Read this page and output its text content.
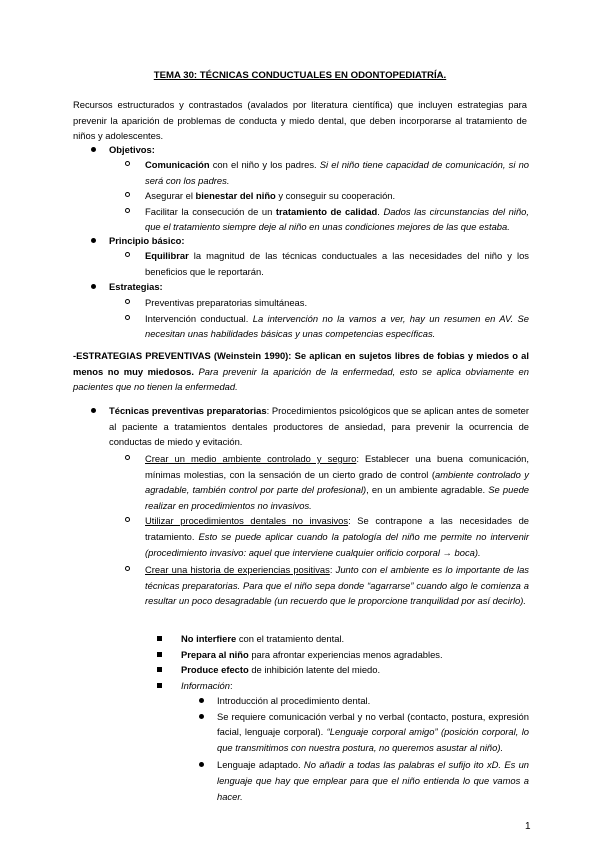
TEMA 30: TÉCNICAS CONDUCTUALES EN ODONTOPEDIATRÍA.
Recursos estructurados y contrastados (avalados por literatura científica) que incluyen estrategias para prevenir la aparición de problemas de conducta y miedo dental, que deben incorporarse al tratamiento de niños y adolescentes.
Objetivos:
Comunicación con el niño y los padres. Si el niño tiene capacidad de comunicación, si no será con los padres.
Asegurar el bienestar del niño y conseguir su cooperación.
Facilitar la consecución de un tratamiento de calidad. Dados las circunstancias del niño, que el tratamiento siempre deje al niño en unas condiciones mejores de las que estaba.
Principio básico:
Equilibrar la magnitud de las técnicas conductuales a las necesidades del niño y los beneficios que le reportarán.
Estrategias:
Preventivas preparatorias simultáneas.
Intervención conductual. La intervención no la vamos a ver, hay un resumen en AV. Se necesitan unas habilidades básicas y unas competencias específicas.
-ESTRATEGIAS PREVENTIVAS (Weinstein 1990): Se aplican en sujetos libres de fobias y miedos o al menos no muy miedosos. Para prevenir la aparición de la enfermedad, esto se aplica obviamente en pacientes que no tienen la enfermedad.
Técnicas preventivas preparatorias: Procedimientos psicológicos que se aplican antes de someter al paciente a tratamientos dentales productores de ansiedad, para prevenir la ocurrencia de conductas de miedo y evitación.
Crear un medio ambiente controlado y seguro: Establecer una buena comunicación, mínimas molestias, con la sensación de un cierto grado de control (ambiente controlado y agradable, también control por parte del profesional), en un ambiente agradable. Se puede realizar en procedimientos no invasivos.
Utilizar procedimientos dentales no invasivos: Se contrapone a las necesidades de tratamiento. Esto se puede aplicar cuando la patología del niño me permite no intervenir (procedimiento invasivo: aquel que interviene cualquier orificio corporal → boca).
Crear una historia de experiencias positivas: Junto con el ambiente es lo importante de las técnicas preparatorias. Para que el niño sepa donde “agarrarse” cuando algo le comienza a resultar un poco desagradable (un recuerdo que le proporcione tranquilidad por así decirlo).
No interfiere con el tratamiento dental.
Prepara al niño para afrontar experiencias menos agradables.
Produce efecto de inhibición latente del miedo.
Información:
Introducción al procedimiento dental.
Se requiere comunicación verbal y no verbal (contacto, postura, expresión facial, lenguaje corporal). “Lenguaje corporal amigo” (posición corporal, lo que transmitimos con nuestra postura, no queremos asustar al niño).
Lenguaje adaptado. No añadir a todas las palabras el sufijo ito xD. Es un lenguaje que hay que emplear para que el niño entienda lo que vamos a hacer.
1
